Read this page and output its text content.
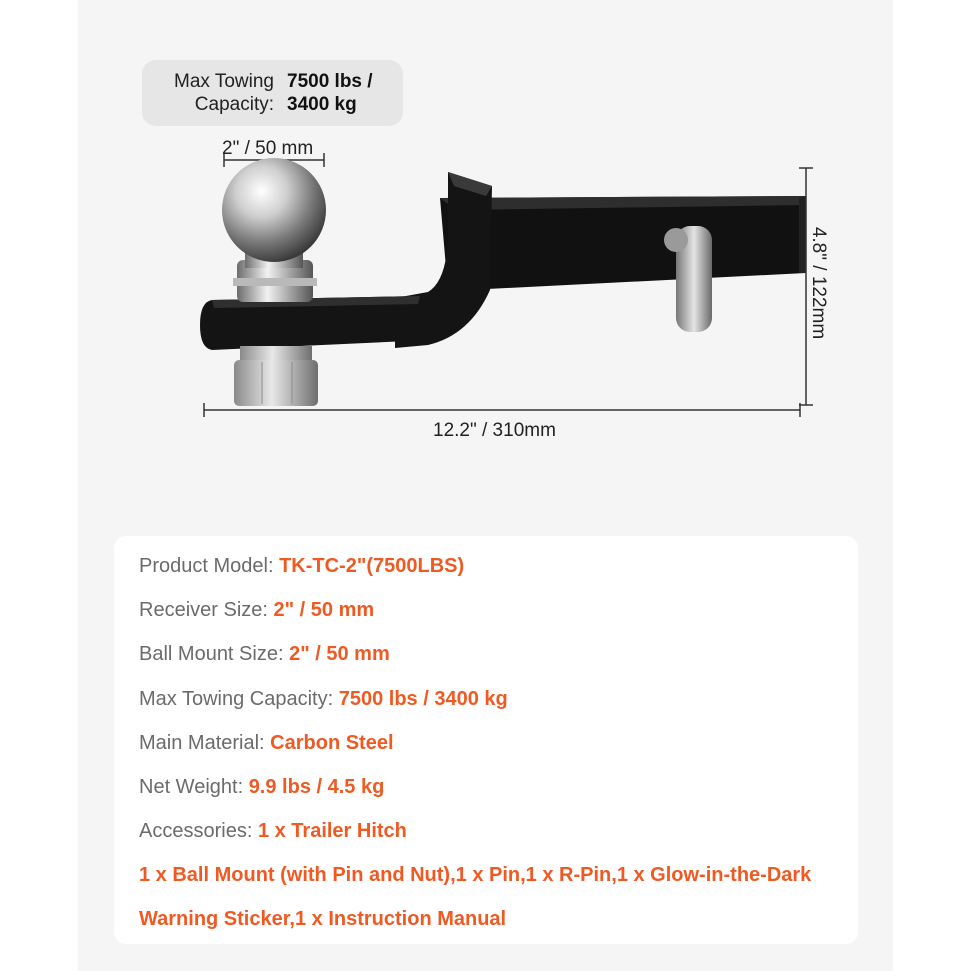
Max Towing
Capacity:
7500 lbs /
3400 kg
2" / 50 mm
12.2" / 310mm
4.8" / 122mm
Product Model: TK-TC-2"(7500LBS)
Receiver Size: 2" / 50 mm
Ball Mount Size: 2" / 50 mm
Max Towing Capacity: 7500 lbs / 3400 kg
Main Material: Carbon Steel
Net Weight: 9.9 lbs / 4.5 kg
Accessories: 1 x Trailer Hitch
1 x Ball Mount (with Pin and Nut),1 x Pin,1 x R-Pin,1 x Glow-in-the-Dark
Warning Sticker,1 x Instruction Manual
